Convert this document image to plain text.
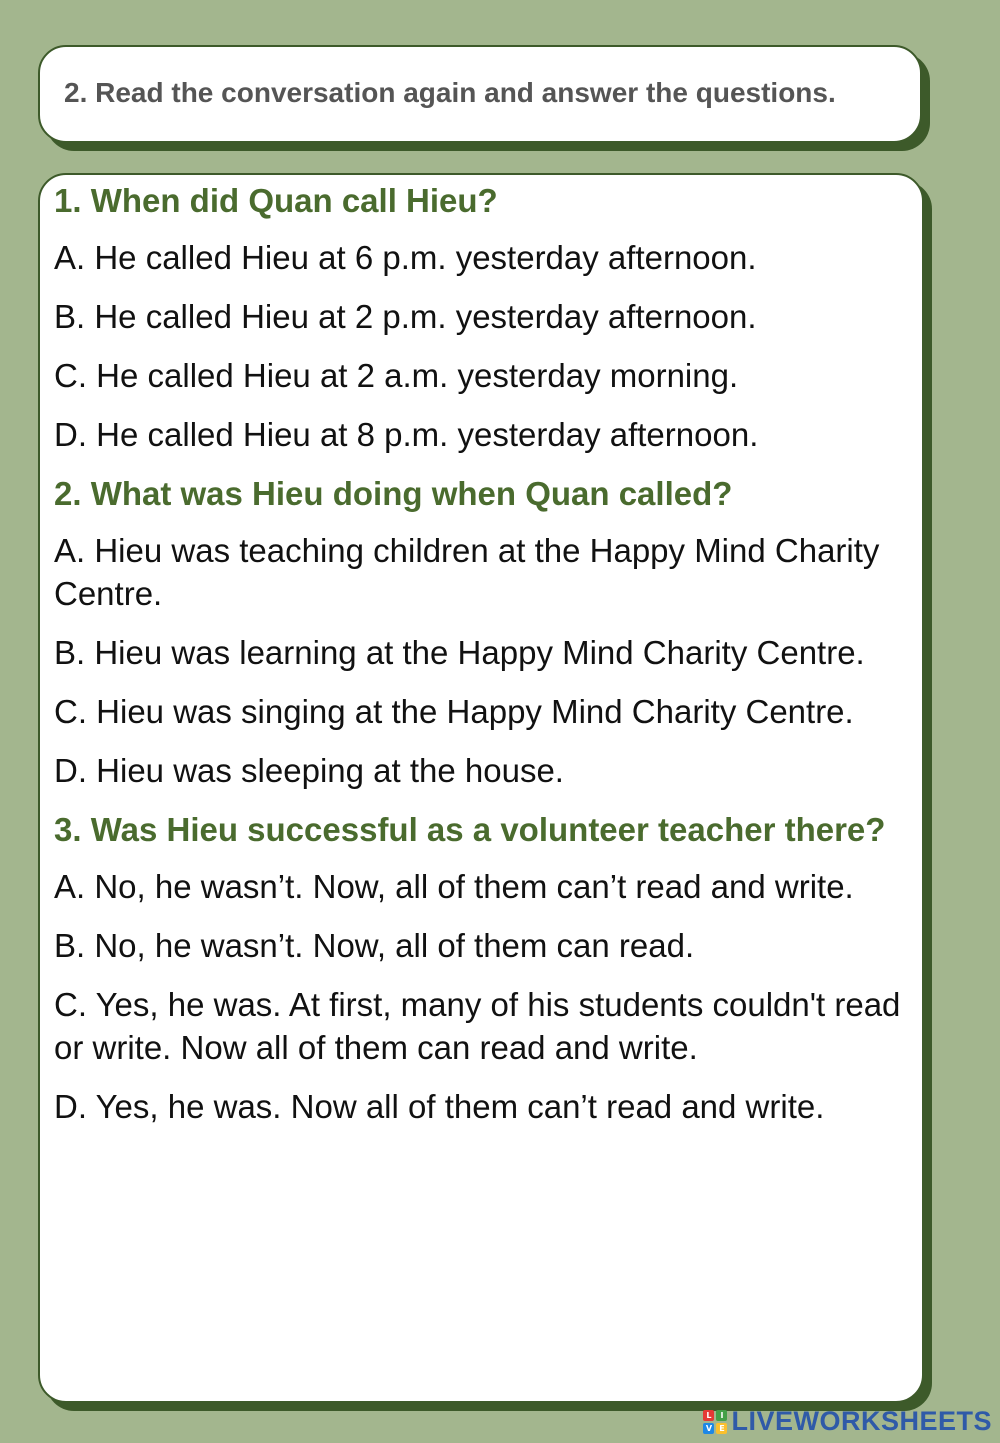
2. Read the conversation again and answer the questions.
1. When did Quan call Hieu?
A. He called Hieu at 6 p.m. yesterday afternoon.
B. He called Hieu at 2 p.m. yesterday afternoon.
C. He called Hieu at 2 a.m. yesterday morning.
D. He called Hieu at 8 p.m. yesterday afternoon.
2. What was Hieu doing when Quan called?
A. Hieu was teaching children at the Happy Mind Charity Centre.
B. Hieu was learning at the Happy Mind Charity Centre.
C. Hieu was singing at the Happy Mind Charity Centre.
D. Hieu was sleeping at the house.
3. Was Hieu successful as a volunteer teacher there?
A. No, he wasn’t. Now, all of them can’t read and write.
B. No, he wasn’t. Now, all of them can read.
C. Yes, he was. At first, many of his students couldn't read or write. Now all of them can read and write.
D. Yes, he was. Now all of them can’t read and write.
L	I
V E LIVEWORKSHEETS
